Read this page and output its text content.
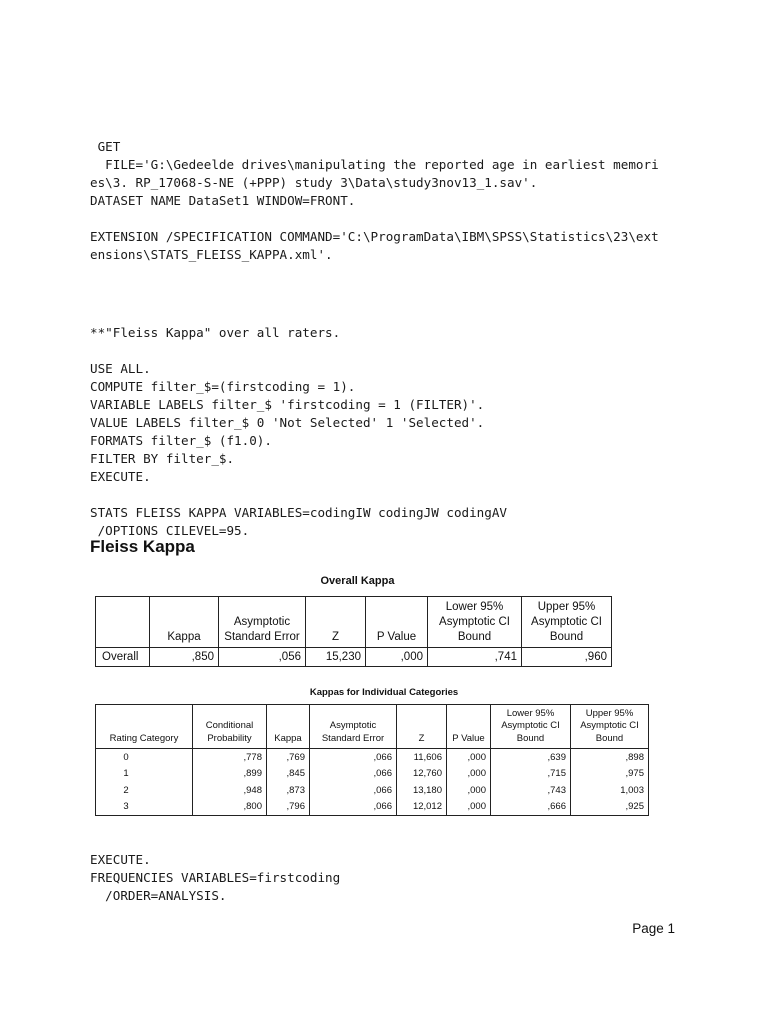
GET
FILE='G:\Gedeelde drives\manipulating the reported age in earliest memori
es\3. RP_17068-S-NE (+PPP) study 3\Data\study3nov13_1.sav'.
DATASET NAME DataSet1 WINDOW=FRONT.
EXTENSION /SPECIFICATION COMMAND='C:\ProgramData\IBM\SPSS\Statistics\23\ext
ensions\STATS_FLEISS_KAPPA.xml'.

**"Fleiss Kappa" over all raters.
USE ALL.
COMPUTE filter_$=(firstcoding = 1).
VARIABLE LABELS filter_$ 'firstcoding = 1 (FILTER)'.
VALUE LABELS filter_$ 0 'Not Selected' 1 'Selected'.
FORMATS filter_$ (f1.0).
FILTER BY filter_$.
EXECUTE.
STATS FLEISS KAPPA VARIABLES=codingIW codingJW codingAV
/OPTIONS CILEVEL=95.

Fleiss Kappa
Overall Kappa
	Kappa	Asymptotic Standard Error	Z	P Value	Lower 95% Asymptotic CI Bound	Upper 95% Asymptotic CI Bound
Overall	,850	,056	15,230	,000	,741	,960
Kappas for Individual Categories
Rating Category	Conditional Probability	Kappa	Asymptotic Standard Error	Z	P Value	Lower 95% Asymptotic CI Bound	Upper 95% Asymptotic CI Bound
0	,778	,769	,066	11,606	,000	,639	,898
1	,899	,845	,066	12,760	,000	,715	,975
2	,948	,873	,066	13,180	,000	,743	1,003
3	,800	,796	,066	12,012	,000	,666	,925

EXECUTE.
FREQUENCIES VARIABLES=firstcoding
/ORDER=ANALYSIS.

Page 1
